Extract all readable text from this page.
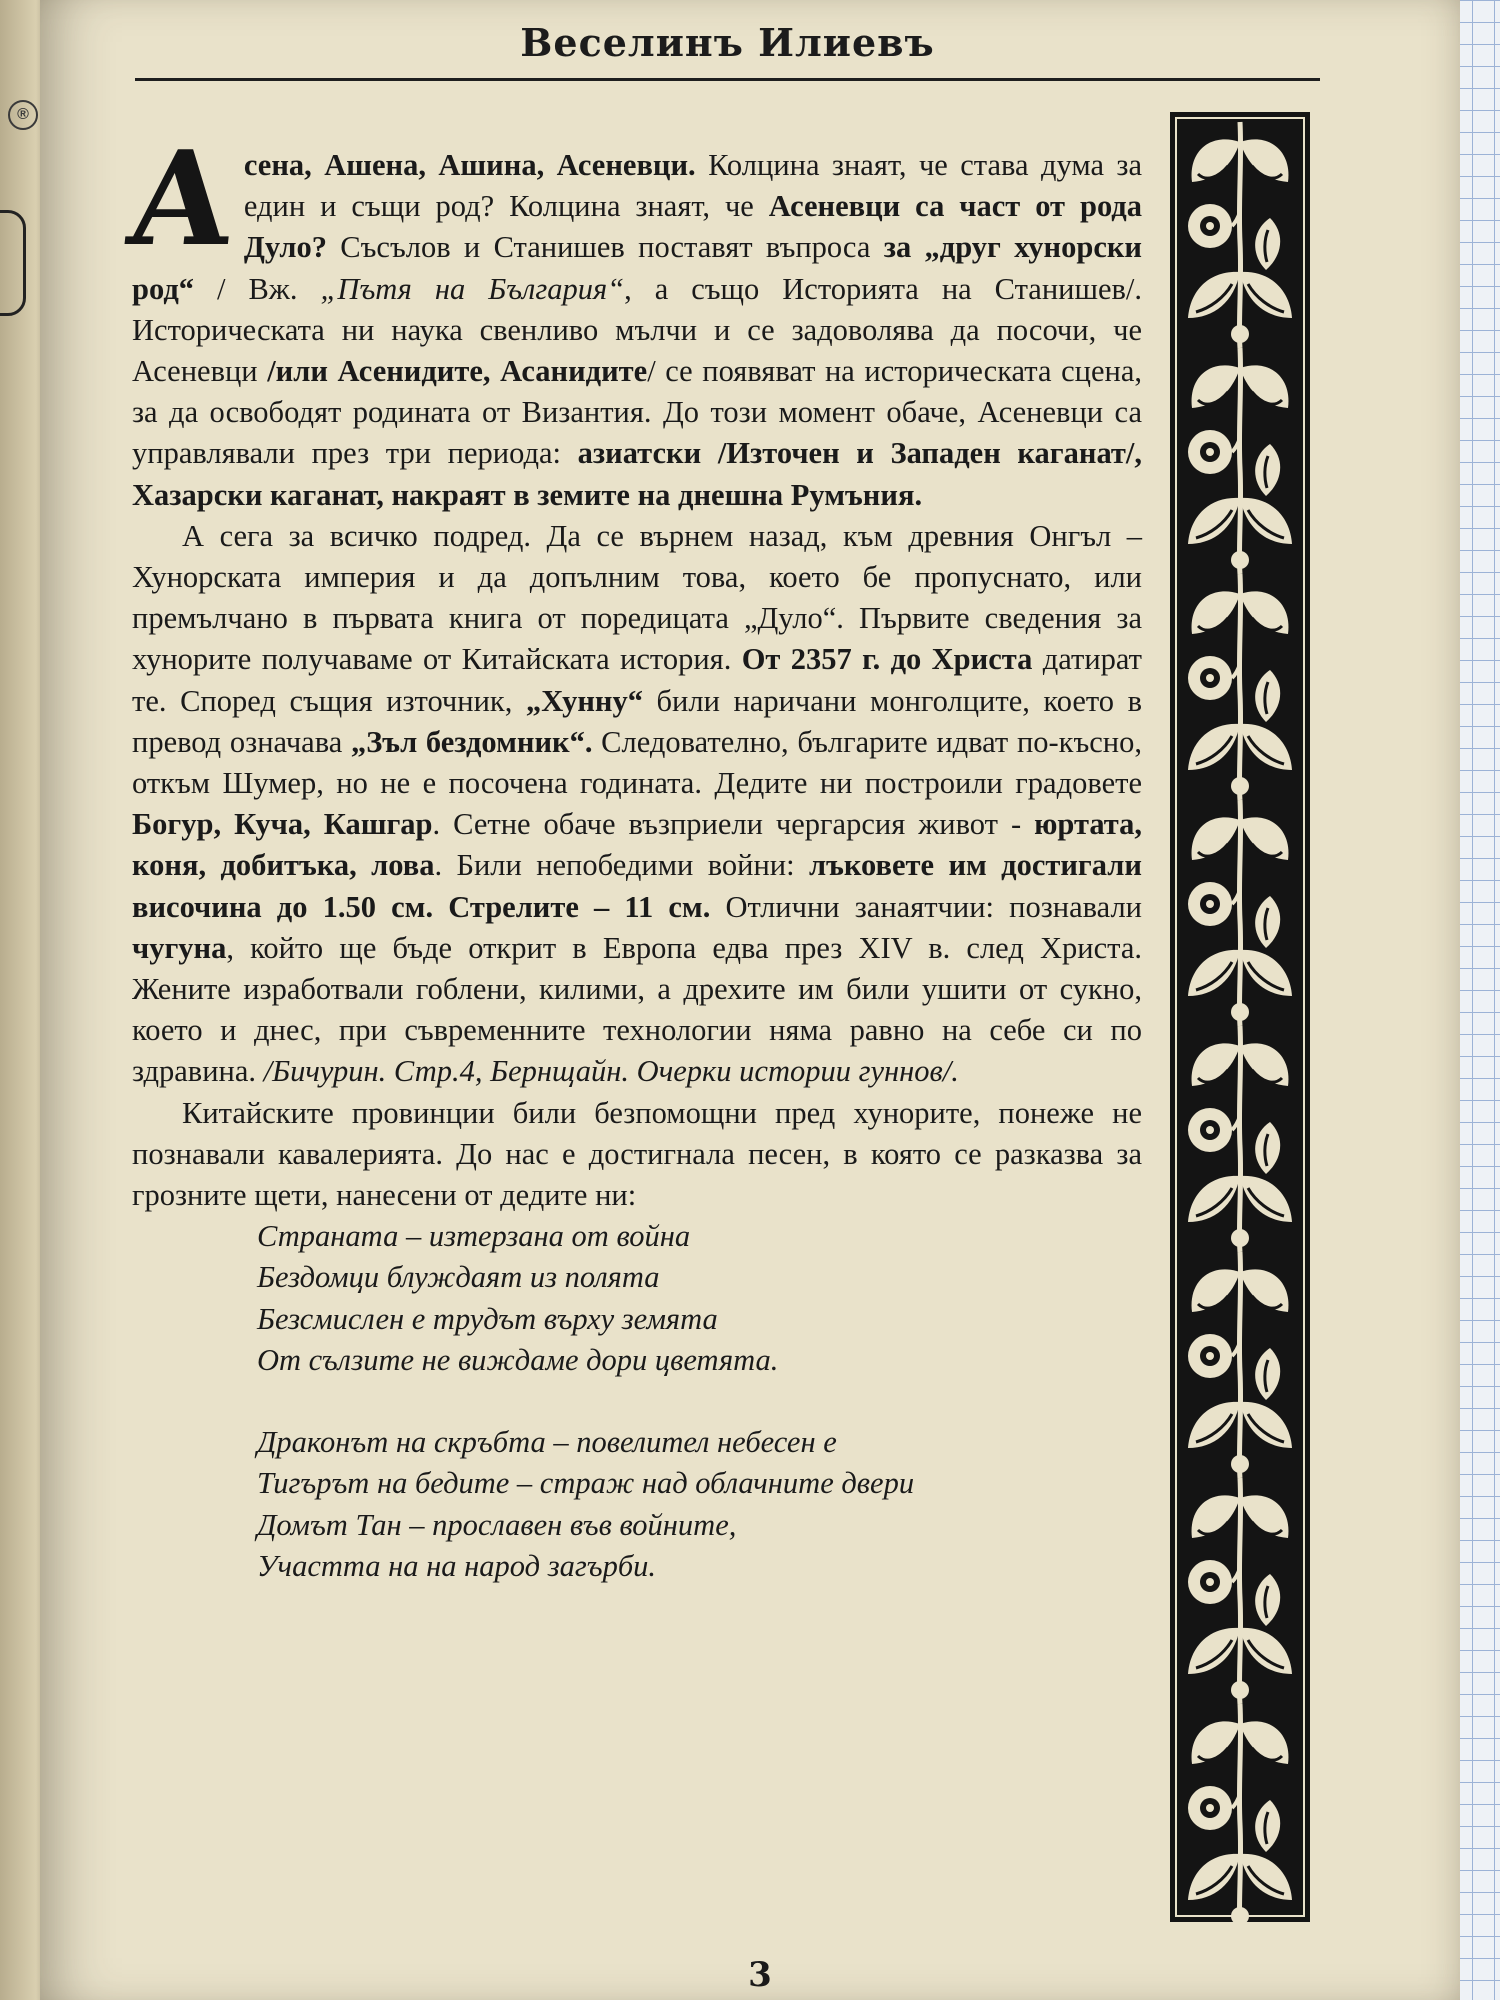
®
Веселинъ Илиевъ

Асена, Ашена, Ашина, Асеневци. Колцина знаят, че става дума за един и същи род? Колцина знаят, че Асеневци са част от рода Дуло? Съсълов и Станишев поставят въпроса за „друг хунорски род“ / Вж. „Пътя на България“, а също Историята на Станишев/. Историческата ни наука свенливо мълчи и се задоволява да посочи, че Асеневци /или Асенидите, Асанидите/ се появяват на историческата сцена, за да освободят родината от Византия. До този момент обаче, Асеневци са управлявали през три периода: азиатски /Източен и Западен каганат/, Хазарски каганат, накраят в земите на днешна Румъния.

А сега за всичко подред. Да се върнем назад, към древния Онгъл – Хунорската империя и да допълним това, което бе пропуснато, или премълчано в първата книга от поредицата „Дуло“. Първите сведения за хунорите получаваме от Китайската история. От 2357 г. до Христа датират те. Според същия източник, „Хунну“ били наричани монголците, което в превод означава „Зъл бездомник“. Следователно, българите идват по-късно, откъм Шумер, но не е посочена годината. Дедите ни построили градовете Богур, Куча, Кашгар. Сетне обаче възприели чергарсия живот - юртата, коня, добитъка, лова. Били непобедими войни: лъковете им достигали височина до 1.50 см. Стрелите – 11 см. Отлични занаятчии: познавали чугуна, който ще бъде открит в Европа едва през XIV в. след Христа. Жените изработвали гоблени, килими, а дрехите им били ушити от сукно, което и днес, при съвременните технологии няма равно на себе си по здравина. /Бичурин. Стр.4, Бернщайн. Очерки истории гуннов/.

Китайските провинции били безпомощни пред хунорите, понеже не познавали кавалерията. До нас е достигнала песен, в която се разказва за грозните щети, нанесени от дедите ни:

Страната – изтерзана от война
Бездомци блуждаят из полята
Безсмислен е трудът върху земята
От сълзите не виждаме дори цветята.
Драконът на скръбта – повелител небесен е
Тигърът на бедите – страж над облачните двери
Домът Тан – прославен във войните,
Участта на на народ загърби.
3
